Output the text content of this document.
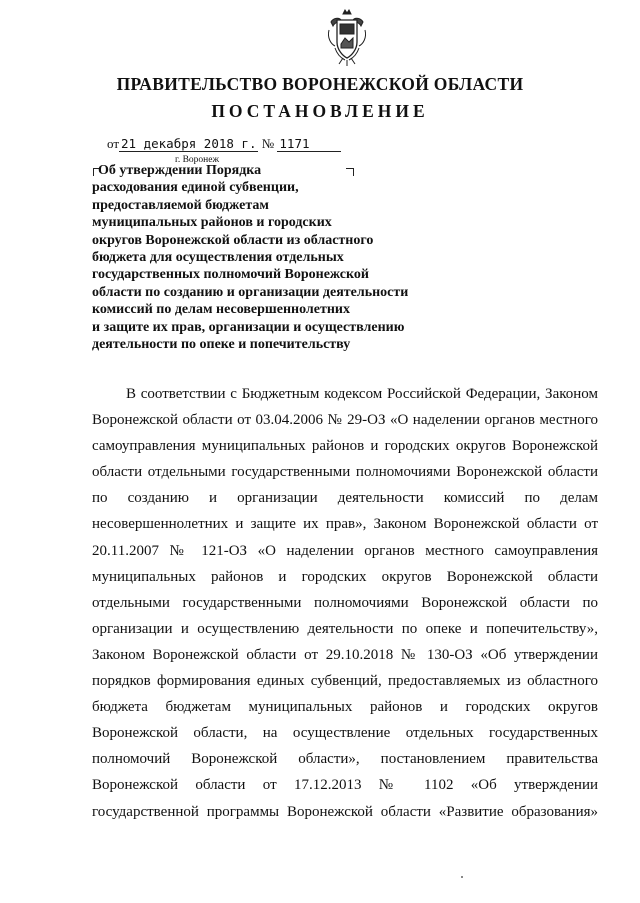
ПРАВИТЕЛЬСТВО ВОРОНЕЖСКОЙ ОБЛАСТИ
ПОСТАНОВЛЕНИЕ
от 21 декабря 2018 г. № 1171
г. Воронеж
Об утверждении Порядка
расходования единой субвенции,
предоставляемой бюджетам
муниципальных районов и городских
округов Воронежской области из областного
бюджета для осуществления отдельных
государственных полномочий Воронежской
области по созданию и организации деятельности
комиссий по делам несовершеннолетних
и защите их прав, организации и осуществлению
деятельности по опеке и попечительству
В соответствии с Бюджетным кодексом Российской Федерации, Законом
Воронежской области от 03.04.2006 № 29-ОЗ «О наделении органов местного
самоуправления муниципальных районов и городских округов Воронежской
области отдельными государственными полномочиями Воронежской области
по созданию и организации деятельности комиссий по делам
несовершеннолетних и защите их прав», Законом Воронежской области от
20.11.2007 № 121-ОЗ «О наделении органов местного самоуправления
муниципальных районов и городских округов Воронежской области
отдельными государственными полномочиями Воронежской области по
организации и осуществлению деятельности по опеке и попечительству»,
Законом Воронежской области от 29.10.2018 № 130-ОЗ «Об утверждении
порядков формирования единых субвенций, предоставляемых из областного
бюджета бюджетам муниципальных районов и городских округов
Воронежской области, на осуществление отдельных государственных
полномочий Воронежской области», постановлением правительства
Воронежской области от 17.12.2013 № 1102 «Об утверждении
государственной программы Воронежской области «Развитие образования»
